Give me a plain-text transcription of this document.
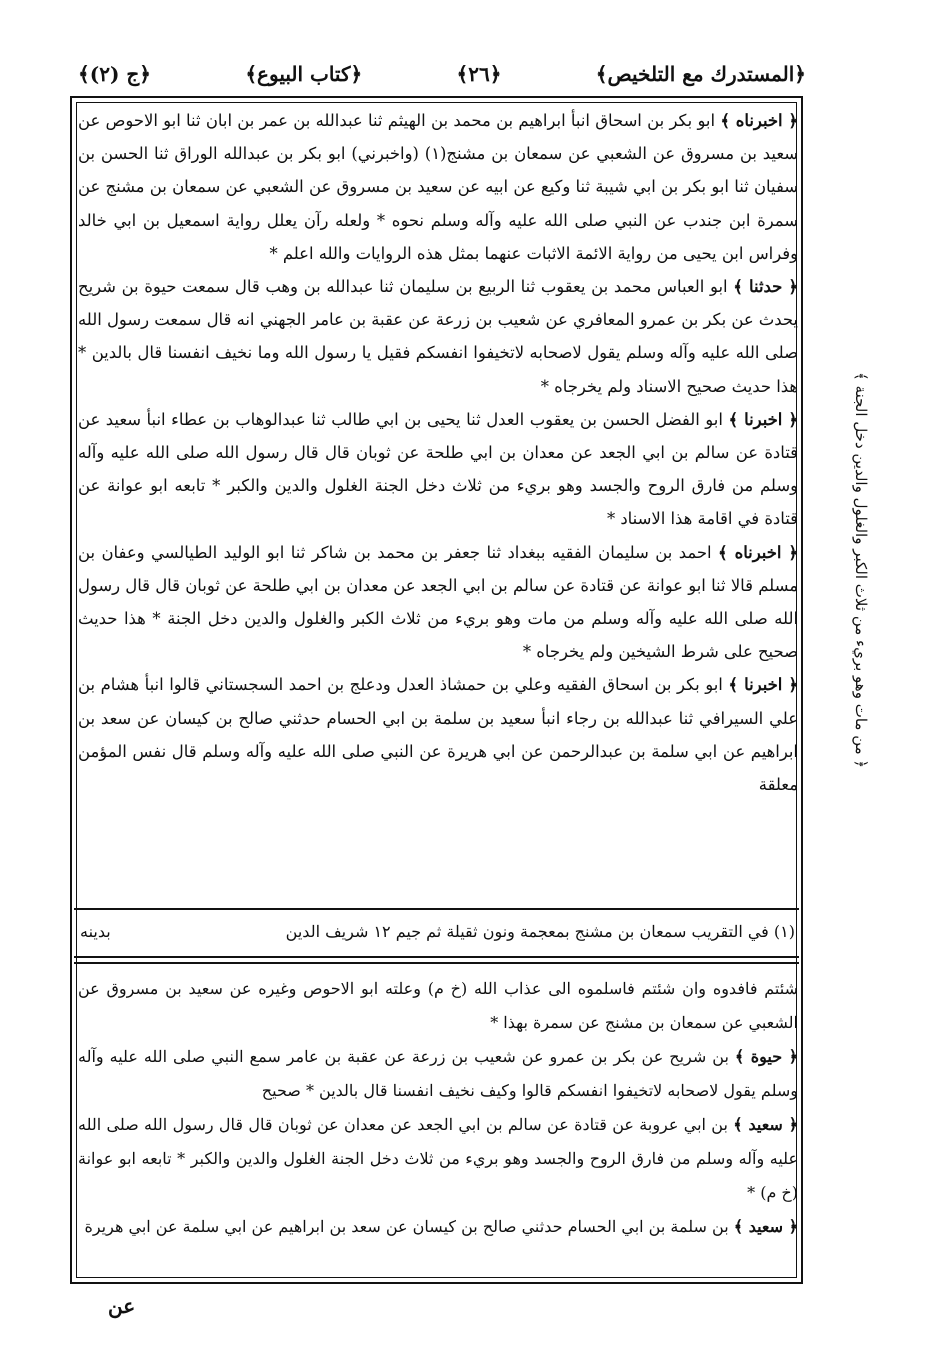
﴿المستدرك مع التلخيص﴾
﴿٢٦﴾
﴿كتاب البيوع﴾
﴿ج (٢)﴾

﴿ اخبرناه ﴾ ابو بكر بن اسحاق انبأ ابراهيم بن محمد بن الهيثم ثنا عبدالله بن عمر بن ابان ثنا ابو الاحوص عن سعيد بن مسروق عن الشعبي عن سمعان بن مشنج(١) (واخبرني) ابو بكر بن عبدالله الوراق ثنا الحسن بن سفيان ثنا ابو بكر بن ابي شيبة ثنا وكيع عن ابيه عن سعيد بن مسروق عن الشعبي عن سمعان بن مشنج عن سمرة ابن جندب عن النبي صلى الله عليه وآله وسلم نحوه * ولعله رآن يعلل رواية اسمعيل بن ابي خالد وفراس ابن يحيى من رواية الائمة الاثبات عنهما بمثل هذه الروايات والله اعلم *

﴿ حدثنا ﴾ ابو العباس محمد بن يعقوب ثنا الربيع بن سليمان ثنا عبدالله بن وهب قال سمعت حيوة بن شريح يحدث عن بكر بن عمرو المعافري عن شعيب بن زرعة عن عقبة بن عامر الجهني انه قال سمعت رسول الله صلى الله عليه وآله وسلم يقول لاصحابه لاتخيفوا انفسكم فقيل يا رسول الله وما نخيف انفسنا قال بالدين * هذا حديث صحيح الاسناد ولم يخرجاه *

﴿ اخبرنا ﴾ ابو الفضل الحسن بن يعقوب العدل ثنا يحيى بن ابي طالب ثنا عبدالوهاب بن عطاء انبأ سعيد عن قتادة عن سالم بن ابي الجعد عن معدان بن ابي طلحة عن ثوبان قال قال رسول الله صلى الله عليه وآله وسلم من فارق الروح والجسد وهو بريء من ثلاث دخل الجنة الغلول والدين والكبر * تابعه ابو عوانة عن قتادة في اقامة هذا الاسناد *

﴿ اخبرناه ﴾ احمد بن سليمان الفقيه ببغداد ثنا جعفر بن محمد بن شاكر ثنا ابو الوليد الطيالسي وعفان بن مسلم قالا ثنا ابو عوانة عن قتادة عن سالم بن ابي الجعد عن معدان بن ابي طلحة عن ثوبان قال قال رسول الله صلى الله عليه وآله وسلم من مات وهو بريء من ثلاث الكبر والغلول والدين دخل الجنة * هذا حديث صحيح على شرط الشيخين ولم يخرجاه *

﴿ اخبرنا ﴾ ابو بكر بن اسحاق الفقيه وعلي بن حمشاذ العدل ودعلج بن احمد السجستاني قالوا انبأ هشام بن علي السيرافي ثنا عبدالله بن رجاء انبأ سعيد بن سلمة بن ابي الحسام حدثني صالح بن كيسان عن سعد بن ابراهيم عن ابي سلمة بن عبدالرحمن عن ابي هريرة عن النبي صلى الله عليه وآله وسلم قال نفس المؤمن معلقة

(١) في التقريب سمعان بن مشنج بمعجمة ونون ثقيلة ثم جيم ١٢ شريف الدين
بدينه

شئتم فافدوه وان شئتم فاسلموه الى عذاب الله (خ م) وعلته ابو الاحوص وغيره عن سعيد بن مسروق عن الشعبي عن سمعان بن مشنج عن سمرة بهذا *

﴿ حيوة ﴾ بن شريح عن بكر بن عمرو عن شعيب بن زرعة عن عقبة بن عامر سمع النبي صلى الله عليه وآله وسلم يقول لاصحابه لاتخيفوا انفسكم قالوا وكيف نخيف انفسنا قال بالدين * صحيح

﴿ سعيد ﴾ بن ابي عروبة عن قتادة عن سالم بن ابي الجعد عن معدان عن ثوبان قال قال رسول الله صلى الله عليه وآله وسلم من فارق الروح والجسد وهو بريء من ثلاث دخل الجنة الغلول والدين والكبر * تابعه ابو عوانة (خ م) *

﴿ سعيد ﴾ بن سلمة بن ابي الحسام حدثني صالح بن كيسان عن سعد بن ابراهيم عن ابي سلمة عن ابي هريرة

عن
﴿ من مات وهو بريء من ثلاث الكبر والغلول والدين دخل الجنة ﴾
